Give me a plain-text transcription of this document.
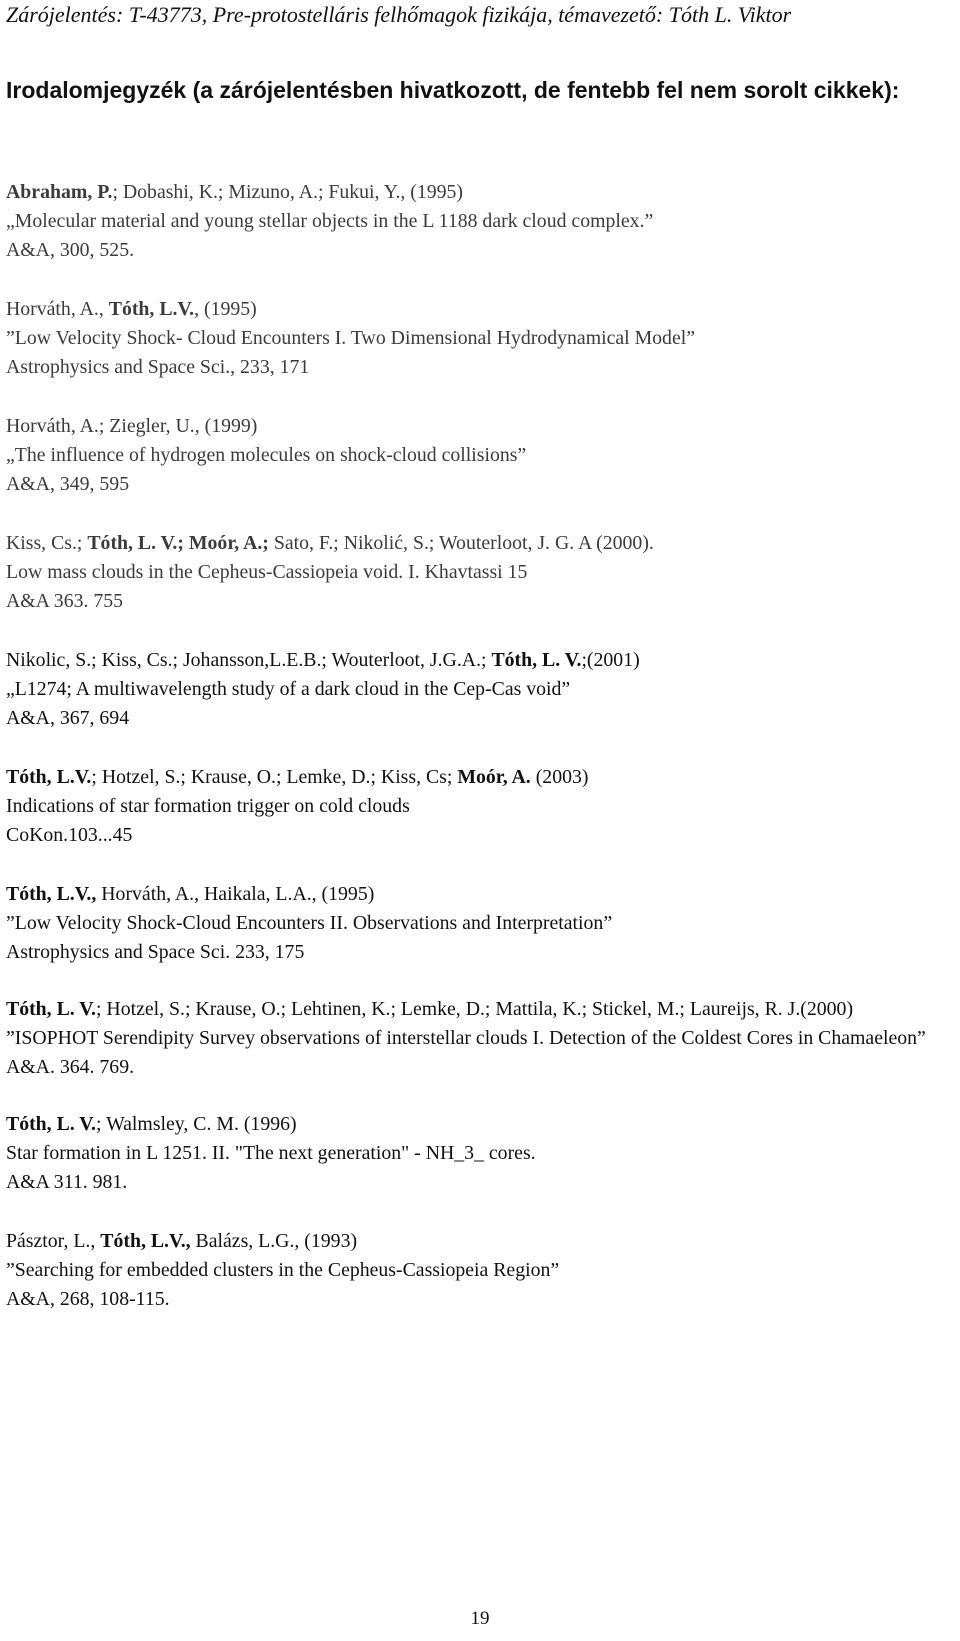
Zárójelentés: T-43773, Pre-protostelláris felhőmagok fizikája, témavezető: Tóth L. Viktor
Irodalomjegyzék (a zárójelentésben hivatkozott, de fentebb fel nem sorolt cikkek):
Abraham, P.; Dobashi, K.; Mizuno, A.; Fukui, Y., (1995)
„Molecular material and young stellar objects in the L 1188 dark cloud complex.”
A&A, 300, 525.
Horváth, A., Tóth, L.V., (1995)
”Low Velocity Shock- Cloud Encounters I. Two Dimensional Hydrodynamical Model”
Astrophysics and Space Sci., 233, 171
Horváth, A.; Ziegler, U., (1999)
„The influence of hydrogen molecules on shock-cloud collisions”
A&A, 349, 595
Kiss, Cs.; Tóth, L. V.; Moór, A.; Sato, F.; Nikolić, S.; Wouterloot, J. G. A (2000).
Low mass clouds in the Cepheus-Cassiopeia void. I. Khavtassi 15
A&A 363. 755
Nikolic, S.; Kiss, Cs.; Johansson,L.E.B.; Wouterloot, J.G.A.; Tóth, L. V.;(2001)
„L1274; A multiwavelength study of a dark cloud in the Cep-Cas void”
A&A, 367, 694
Tóth, L.V.; Hotzel, S.; Krause, O.; Lemke, D.; Kiss, Cs; Moór, A. (2003)
Indications of star formation trigger on cold clouds
CoKon.103...45
Tóth, L.V., Horváth, A., Haikala, L.A., (1995)
”Low Velocity Shock-Cloud Encounters II. Observations and Interpretation”
Astrophysics and Space Sci. 233, 175
Tóth, L. V.; Hotzel, S.; Krause, O.; Lehtinen, K.; Lemke, D.; Mattila, K.; Stickel, M.; Laureijs, R. J.(2000)
”ISOPHOT Serendipity Survey observations of interstellar clouds I. Detection of the Coldest Cores in Chamaeleon”
A&A. 364. 769.
Tóth, L. V.; Walmsley, C. M. (1996)
Star formation in L 1251. II. "The next generation" - NH_3_ cores.
A&A 311. 981.
Pásztor, L., Tóth, L.V., Balázs, L.G., (1993)
”Searching for embedded clusters in the Cepheus-Cassiopeia Region”
A&A, 268, 108-115.
19
